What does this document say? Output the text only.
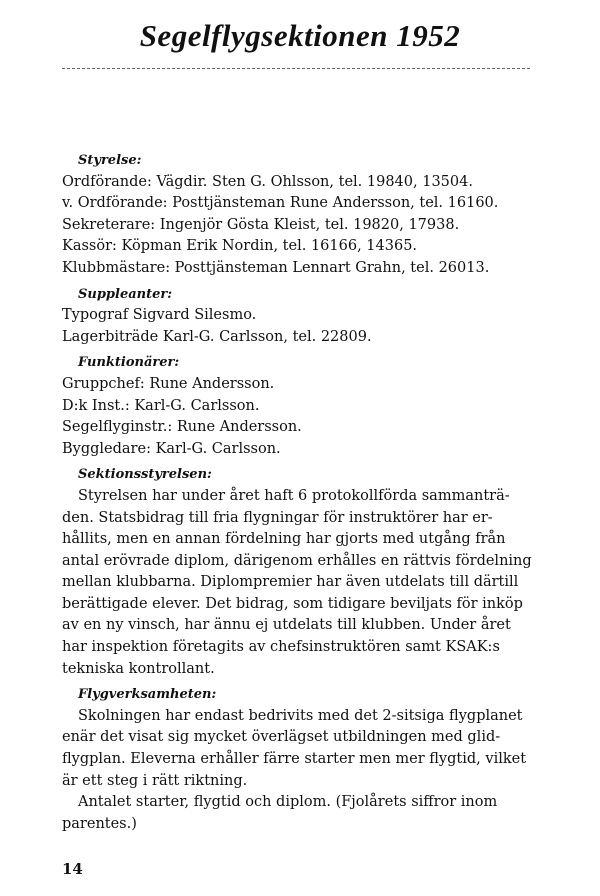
Segelflygsektionen 1952
Styrelse:
Ordförande: Vägdir. Sten G. Ohlsson, tel. 19840, 13504.
v. Ordförande: Posttjänsteman Rune Andersson, tel. 16160.
Sekreterare: Ingenjör Gösta Kleist, tel. 19820, 17938.
Kassör: Köpman Erik Nordin, tel. 16166, 14365.
Klubbmästare: Posttjänsteman Lennart Grahn, tel. 26013.
Suppleanter:
Typograf Sigvard Silesmo.
Lagerbiträde Karl-G. Carlsson, tel. 22809.
Funktionärer:
Gruppchef: Rune Andersson.
D:k Inst.: Karl-G. Carlsson.
Segelflyginstr.: Rune Andersson.
Byggledare: Karl-G. Carlsson.
Sektionsstyrelsen:
Styrelsen har under året haft 6 protokollförda sammanträ-
den. Statsbidrag till fria flygningar för instruktörer har er-
hållits, men en annan fördelning har gjorts med utgång från
antal erövrade diplom, därigenom erhålles en rättvis fördelning
mellan klubbarna. Diplompremier har även utdelats till därtill
berättigade elever. Det bidrag, som tidigare beviljats för inköp
av en ny vinsch, har ännu ej utdelats till klubben. Under året
har inspektion företagits av chefsinstruktören samt KSAK:s
tekniska kontrollant.
Flygverksamheten:
Skolningen har endast bedrivits med det 2-sitsiga flygplanet
enär det visat sig mycket överlägset utbildningen med glid-
flygplan. Eleverna erhåller färre starter men mer flygtid, vilket
är ett steg i rätt riktning.
Antalet starter, flygtid och diplom. (Fjolårets siffror inom
parentes.)
14
